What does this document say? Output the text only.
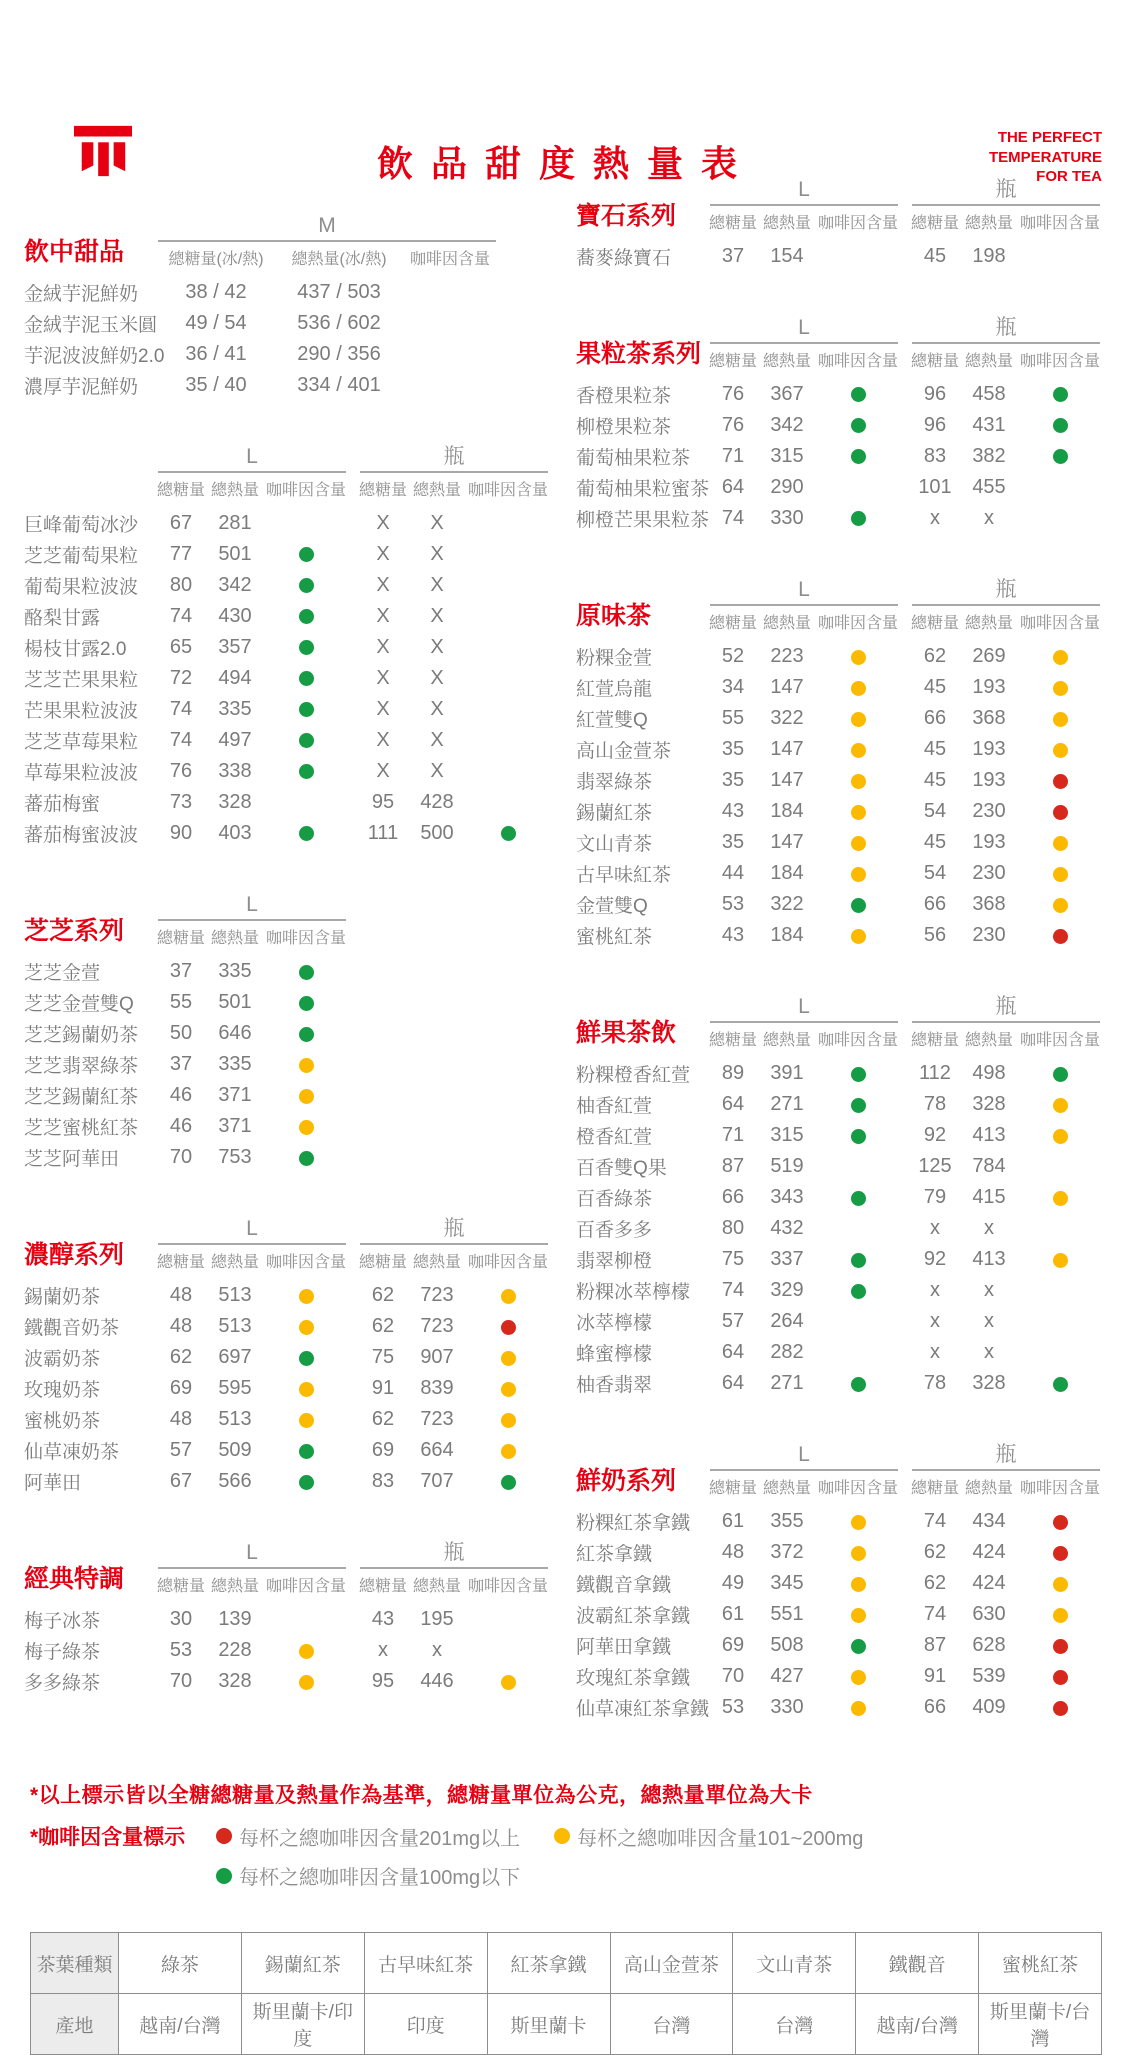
飲品甜度熱量表
THE PERFECT
TEMPERATURE
FOR TEA
飲中甜品
M
總糖量(冰/熱)	總熱量(冰/熱)	咖啡因含量
金絨芋泥鮮奶	38 / 42	437 / 503
金絨芋泥玉米圓	49 / 54	536 / 602
芋泥波波鮮奶2.0	36 / 41	290 / 356
濃厚芋泥鮮奶	35 / 40	334 / 401
L
總糖量 總熱量 咖啡因含量
瓶
總糖量 總熱量 咖啡因含量
巨峰葡萄冰沙	67	281	X	X
芝芝葡萄果粒	77	501	X	X
葡萄果粒波波	80	342	X	X
酪梨甘露	74	430	X	X
楊枝甘露2.0	65	357	X	X
芝芝芒果果粒	72	494	X	X
芒果果粒波波	74	335	X	X
芝芝草莓果粒	74	497	X	X
草莓果粒波波	76	338	X	X
蕃茄梅蜜	73	328	95	428
蕃茄梅蜜波波	90	403	111	500
芝芝系列
L
總糖量 總熱量 咖啡因含量
芝芝金萱	37	335
芝芝金萱雙Q	55	501
芝芝錫蘭奶茶	50	646
芝芝翡翠綠茶	37	335
芝芝錫蘭紅茶	46	371
芝芝蜜桃紅茶	46	371
芝芝阿華田	70	753
濃醇系列
L
總糖量 總熱量 咖啡因含量
瓶
總糖量 總熱量 咖啡因含量
錫蘭奶茶	48	513	62	723
鐵觀音奶茶	48	513	62	723
波霸奶茶	62	697	75	907
玫瑰奶茶	69	595	91	839
蜜桃奶茶	48	513	62	723
仙草凍奶茶	57	509	69	664
阿華田	67	566	83	707
經典特調
L
總糖量 總熱量 咖啡因含量
瓶
總糖量 總熱量 咖啡因含量
梅子冰茶	30	139	43	195
梅子綠茶	53	228	x	x
多多綠茶	70	328	95	446
寶石系列
L
總糖量 總熱量 咖啡因含量
瓶
總糖量 總熱量 咖啡因含量
蕎麥綠寶石	37	154	45	198
果粒茶系列
L
總糖量 總熱量 咖啡因含量
瓶
總糖量 總熱量 咖啡因含量
香橙果粒茶	76	367	96	458
柳橙果粒茶	76	342	96	431
葡萄柚果粒茶	71	315	83	382
葡萄柚果粒蜜茶 64	290	101	455
柳橙芒果果粒茶 74	330	x	x
原味茶
L
總糖量 總熱量 咖啡因含量
瓶
總糖量 總熱量 咖啡因含量
粉粿金萱	52	223	62	269
紅萱烏龍	34	147	45	193
紅萱雙Q	55	322	66	368
高山金萱茶	35	147	45	193
翡翠綠茶	35	147	45	193
錫蘭紅茶	43	184	54	230
文山青茶	35	147	45	193
古早味紅茶	44	184	54	230
金萱雙Q	53	322	66	368
蜜桃紅茶	43	184	56	230
鮮果茶飲
L
總糖量 總熱量 咖啡因含量
瓶
總糖量 總熱量 咖啡因含量
粉粿橙香紅萱	89	391	112	498
柚香紅萱	64	271	78	328
橙香紅萱	71	315	92	413
百香雙Q果	87	519	125	784
百香綠茶	66	343	79	415
百香多多	80	432	x	x
翡翠柳橙	75	337	92	413
粉粿冰萃檸檬	74	329	x	x
冰萃檸檬	57	264	x	x
蜂蜜檸檬	64	282	x	x
柚香翡翠	64	271	78	328
鮮奶系列
L
總糖量 總熱量 咖啡因含量
瓶
總糖量 總熱量 咖啡因含量
粉粿紅茶拿鐵	61	355	74	434
紅茶拿鐵	48	372	62	424
鐵觀音拿鐵	49	345	62	424
波霸紅茶拿鐵	61	551	74	630
阿華田拿鐵	69	508	87	628
玫瑰紅茶拿鐵	70	427	91	539
仙草凍紅茶拿鐵 53	330	66	409
*以上標示皆以全糖總糖量及熱量作為基準，總糖量單位為公克，總熱量單位為大卡
*咖啡因含量標示	每杯之總咖啡因含量201mg以上	每杯之總咖啡因含量101~200mg
每杯之總咖啡因含量100mg以下
茶葉種類	綠茶	錫蘭紅茶	古早味紅茶	紅茶拿鐵	高山金萱茶	文山青茶	鐵觀音	蜜桃紅茶
產地	越南/台灣	斯里蘭卡/印度	印度	斯里蘭卡	台灣	台灣	越南/台灣	斯里蘭卡/台灣
